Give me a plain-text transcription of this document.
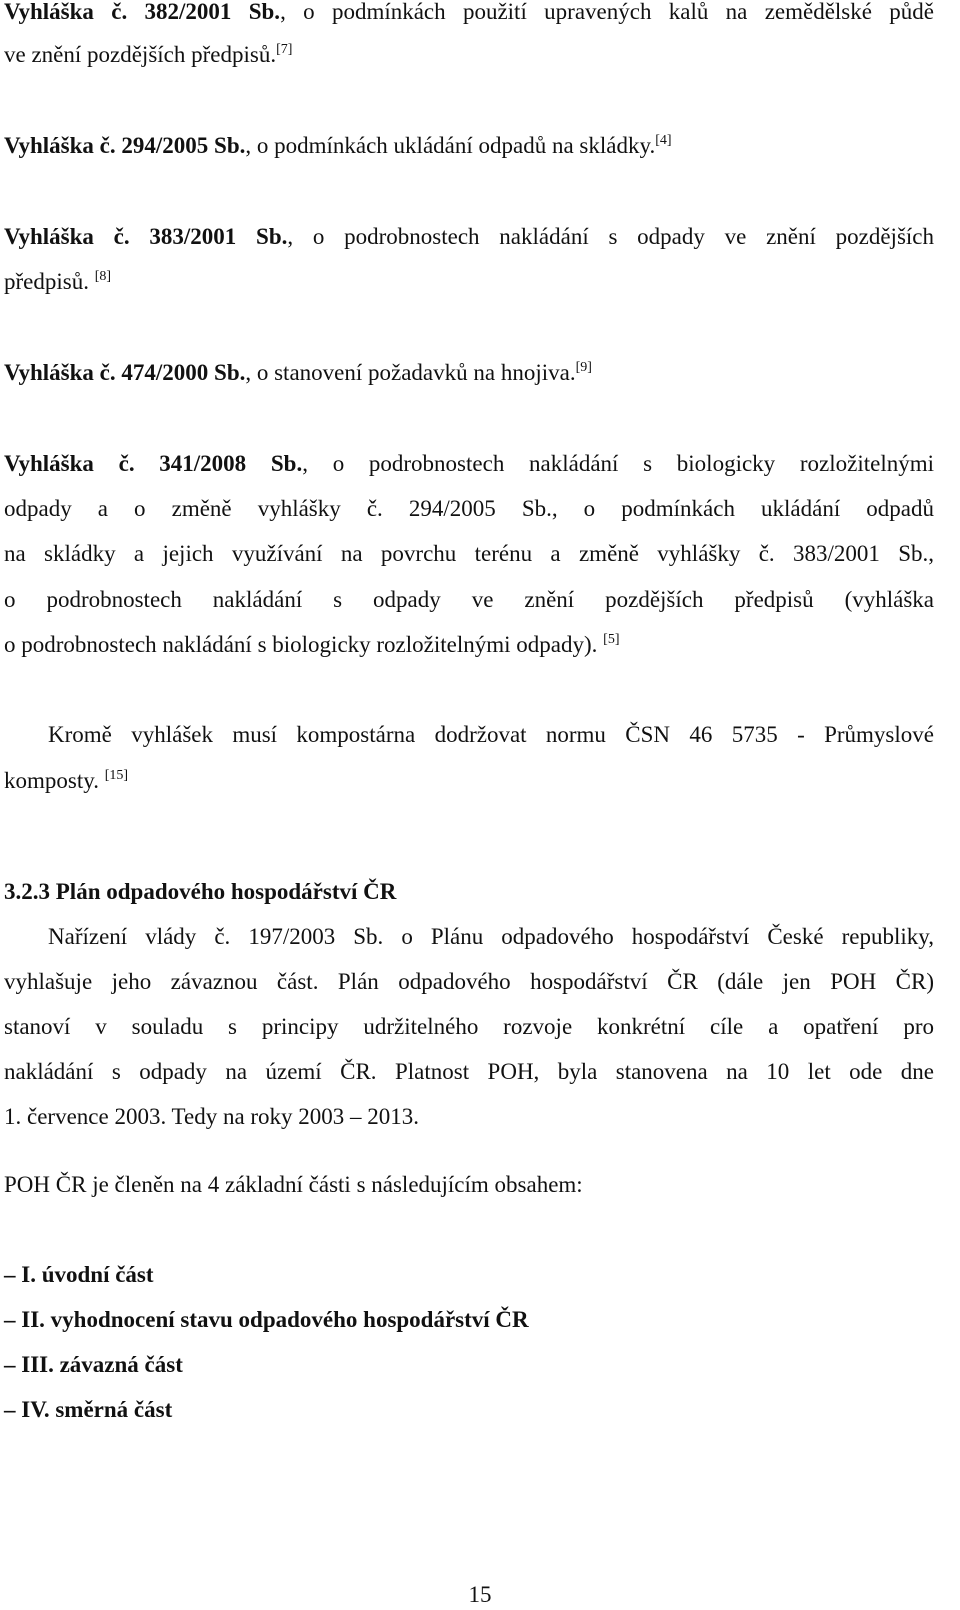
Vyhláška č. 382/2001 Sb., o podmínkách použití upravených kalů na zemědělské půdě
ve znění pozdějších předpisů.[7]
Vyhláška č. 294/2005 Sb., o podmínkách ukládání odpadů na skládky.[4]
Vyhláška č. 383/2001 Sb., o podrobnostech nakládání s odpady ve znění pozdějších
předpisů. [8]
Vyhláška č. 474/2000 Sb., o stanovení požadavků na hnojiva.[9]
Vyhláška č. 341/2008 Sb., o podrobnostech nakládání s biologicky rozložitelnými
odpady a o změně vyhlášky č. 294/2005 Sb., o podmínkách ukládání odpadů
na skládky a jejich využívání na povrchu terénu a změně vyhlášky č. 383/2001 Sb.,
o podrobnostech nakládání s odpady ve znění pozdějších předpisů (vyhláška
o podrobnostech nakládání s biologicky rozložitelnými odpady). [5]
Kromě vyhlášek musí kompostárna dodržovat normu ČSN 46 5735 - Průmyslové
komposty. [15]
3.2.3 Plán odpadového hospodářství ČR
Nařízení vlády č. 197/2003 Sb. o Plánu odpadového hospodářství České republiky,
vyhlašuje jeho závaznou část. Plán odpadového hospodářství ČR (dále jen POH ČR)
stanoví v souladu s principy udržitelného rozvoje konkrétní cíle a opatření pro
nakládání s odpady na území ČR. Platnost POH, byla stanovena na 10 let ode dne
1. července 2003. Tedy na roky 2003 – 2013.
POH ČR je členěn na 4 základní části s následujícím obsahem:
– I. úvodní část
– II. vyhodnocení stavu odpadového hospodářství ČR
– III. závazná část
– IV. směrná část
15
